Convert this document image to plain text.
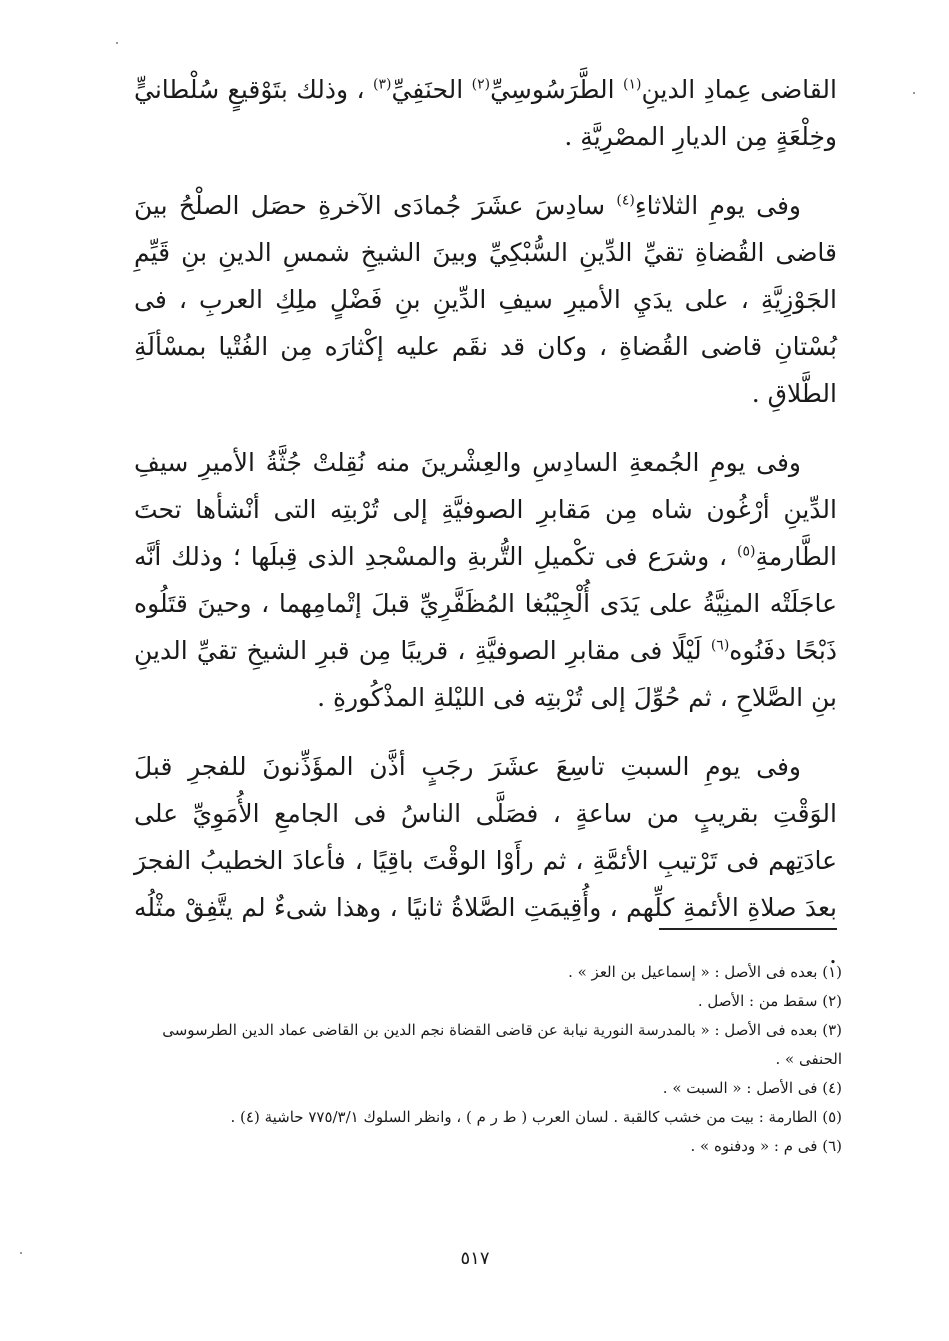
القاضى عِمادِ الدينِ$^{(١)}$ الطَّرَسُوسِيِّ$^{(٢)}$ الحنَفِيِّ$^{(٣)}$ ، وذلك بتَوْقيعٍ سُلْطانيٍّ وخِلْعَةٍ مِن الديارِ المصْرِيَّةِ .

وفى يومِ الثلاثاءِ$^{(٤)}$ سادِسَ عشَرَ جُمادَى الآخرةِ حصَل الصلْحُ بينَ قاضى القُضاةِ تقيِّ الدِّينِ السُّبْكِيِّ وبينَ الشيخِ شمسِ الدينِ بنِ قَيِّمِ الجَوْزِيَّةِ ، على يدَيِ الأميرِ سيفِ الدِّينِ بنِ فَضْلٍ ملِكِ العربِ ، فى بُسْتانِ قاضى القُضاةِ ، وكان قد نقَم عليه إكْثارَه مِن الفُتْيا بمسْألَةِ الطَّلاقِ .

وفى يومِ الجُمعةِ السادِسِ والعِشْرينَ منه نُقِلتْ جُثَّةُ الأميرِ سيفِ الدِّينِ أرْغُون شاه مِن مَقابرِ الصوفيَّةِ إلى تُرْبتِه التى أنْشأها تحتَ الطَّارمةِ$^{(٥)}$ ، وشرَع فى تكْميلِ التُّربةِ والمسْجدِ الذى قِبلَها ؛ وذلك أنَّه عاجَلَتْه المنِيَّةُ على يَدَى أُلْجِيْبُغا المُظَفَّرِيِّ قبلَ إتْمامِهما ، وحينَ قتَلُوه ذَبْحًا دفَنُوه$^{(٦)}$ لَيْلًا فى مقابرِ الصوفيَّةِ ، قريبًا مِن قبرِ الشيخِ تقيِّ الدينِ بنِ الصَّلاحِ ، ثم حُوِّلَ إلى تُرْبتِه فى الليْلةِ المذْكُورةِ .

وفى يومِ السبتِ تاسِعَ عشَرَ رجَبٍ أذَّن المؤَذِّنونَ للفجرِ قبلَ الوَقْتِ بقريبٍ من ساعةٍ ، فصَلَّى الناسُ فى الجامعِ الأُمَوِيِّ على عادَتِهم فى تَرْتيبِ الأئمَّةِ ، ثم رأَوْا الوقْتَ باقِيًا ، فأعادَ الخطيبُ الفجرَ بعدَ صلاةِ الأئمةِ كلِّهم ، وأُقِيمَتِ الصَّلاةُ ثانيًا ، وهذا شىءٌ لم يتَّفِقْ مثْلُه .

(١) بعده فى الأصل : « إسماعيل بن العز » .

(٢) سقط من : الأصل .

(٣) بعده فى الأصل : « بالمدرسة النورية نيابة عن قاضى القضاة نجم الدين بن القاضى عماد الدين الطرسوسى الحنفى » .

(٤) فى الأصل : « السبت » .

(٥) الطارمة : بيت من خشب كالقبة . لسان العرب ( ط ر م ) ، وانظر السلوك ٧٧٥/٣/١ حاشية (٤) .

(٦) فى م : « ودفنوه » .

٥١٧
